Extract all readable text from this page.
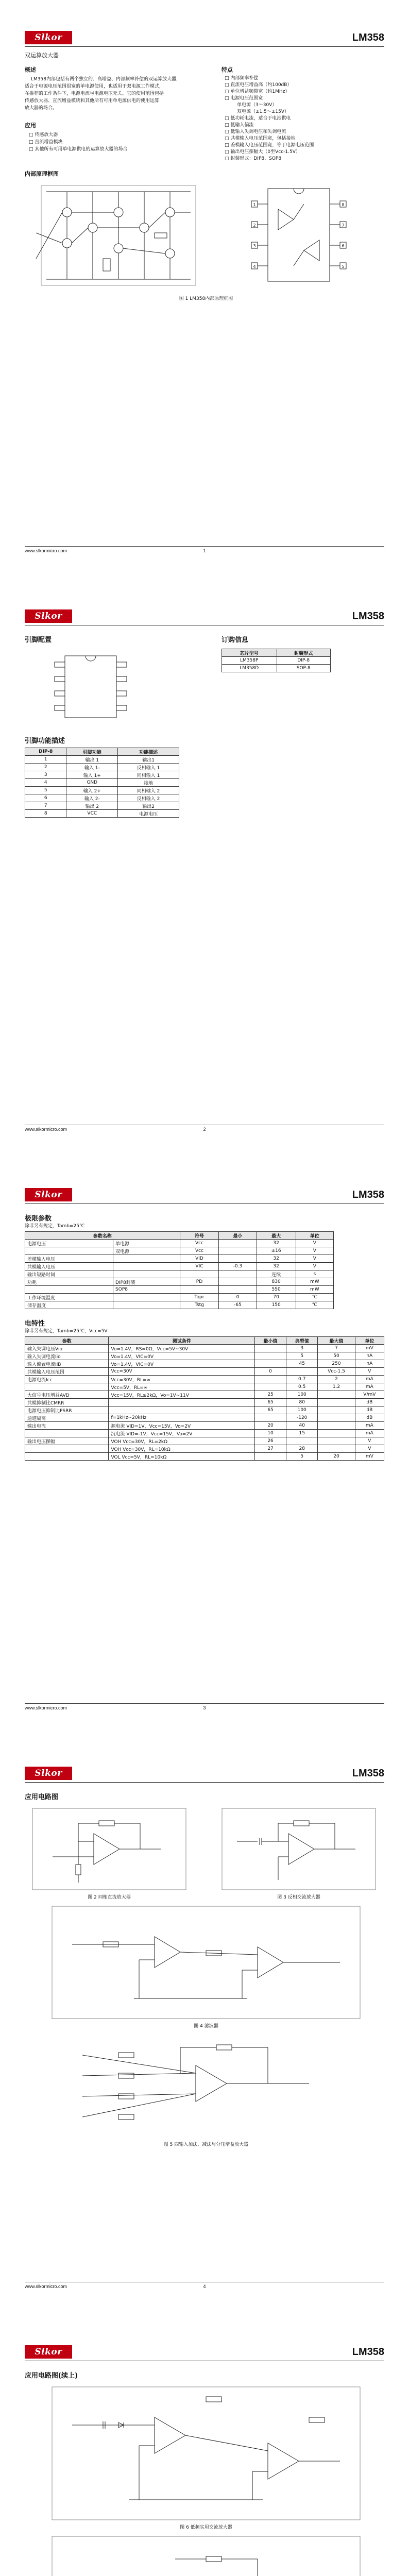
Slkor	LM358
双运算放大器
概述
LM358内部包括有两个独立的、高增益、内部频率补偿的双运算放大器，
适合于电源电压范围很宽的单电源使用，也适用于双电源工作模式，
在推荐的工作条件下，电源电流与电源电压无关。它的使用范围包括
传感放大器、直流增益模块和其他所有可用单电源供电的使用运算
放大器的场合。
应用
□ 传感放大器
□ 直流增益模块
□ 其他所有可用单电源供电的运算放大器的场合
特点
□ 内部频率补偿
□ 直流电压增益高（约100dB）
□ 单位增益频带宽（约1MHz）
□ 电源电压范围宽：
单电源（3～30V）
双电源（±1.5～±15V）
□ 低功耗电流，适合于电池供电
□ 低输入偏流
□ 低输入失调电压和失调电流
□ 共模输入电压范围宽，包括接地
□ 差模输入电压范围宽，等于电源电压范围
□ 输出电压摆幅大（0至Vcc-1.5V）
□ 封装形式：DIP8、SOP8
内部原理框图
1
2
3
4	5
6
7
8
图 1 LM358内部原理框图
www.slkormicro.com	1
Slkor	LM358
引脚配置	订购信息
芯片型号	封装形式
LM358P	DIP-8
LM358D	SOP-8
引脚功能描述
DIP-8	引脚功能	功能描述
1	输出 1	输出1
2	输入 1-	反相输入 1
3	输入 1+	同相输入 1
4	GND	接地
5	输入 2+	同相输入 2
6	输入 2-	反相输入 2
7	输出 2	输出2
8	VCC	电源电压
www.slkormicro.com	2
Slkor	LM358
极限参数
除非另有规定，Tamb=25℃
参数名称		符号	最小	最大	单位
电源电压	单电源	Vcc		32	V
	双电源	Vcc		±16	V
差模输入电压		VID		32	V
共模输入电压		VIC	-0.3	32	V
输出短路时间				连续	s
功耗	DIP8封装	PD		830	mW
	SOP8			550	mW
工作环境温度		Topr	0	70	℃
储存温度		Tstg	-65	150	℃
电特性
除非另有规定，Tamb=25℃，Vcc=5V
参数	测试条件	最小值	典型值	最大值	单位
输入失调电压Vio	Vo=1.4V，RS=0Ω，Vcc=5V~30V		3	7	mV
输入失调电流Iio	Vo=1.4V，VIC=0V		5	50	nA
输入偏置电流IIB	Vo=1.4V，VIC=0V		45	250	nA
共模输入电压范围	Vcc=30V	0		Vcc-1.5	V
电源电流Icc	Vcc=30V，RL=∞		0.7	2	mA
	Vcc=5V，RL=∞		0.5	1.2	mA
大信号电压增益AVD	Vcc=15V，RL≥2kΩ，Vo=1V~11V	25	100		V/mV
共模抑制比CMRR		65	80		dB
电源电压抑制比PSRR		65	100		dB
通道隔离	f=1kHz~20kHz		-120		dB
输出电流	源电流 VID=1V，Vcc=15V，Vo=2V	20	40		mA
	沉电流 VID=-1V，Vcc=15V，Vo=2V	10	15		mA
输出电压摆幅	VOH Vcc=30V，RL=2kΩ	26			V
	VOH Vcc=30V，RL=10kΩ	27	28		V
	VOL Vcc=5V，RL=10kΩ		5	20	mV
www.slkormicro.com	3
Slkor	LM358
应用电路图
图 2 同相直流放大器	图 3 反相交流放大器
图 4 滤波器
图 5 四输入加法、减法与分压增益放大器
www.slkormicro.com	4
Slkor	LM358
应用电路图(续上)
图 6 低频实用交流放大器
